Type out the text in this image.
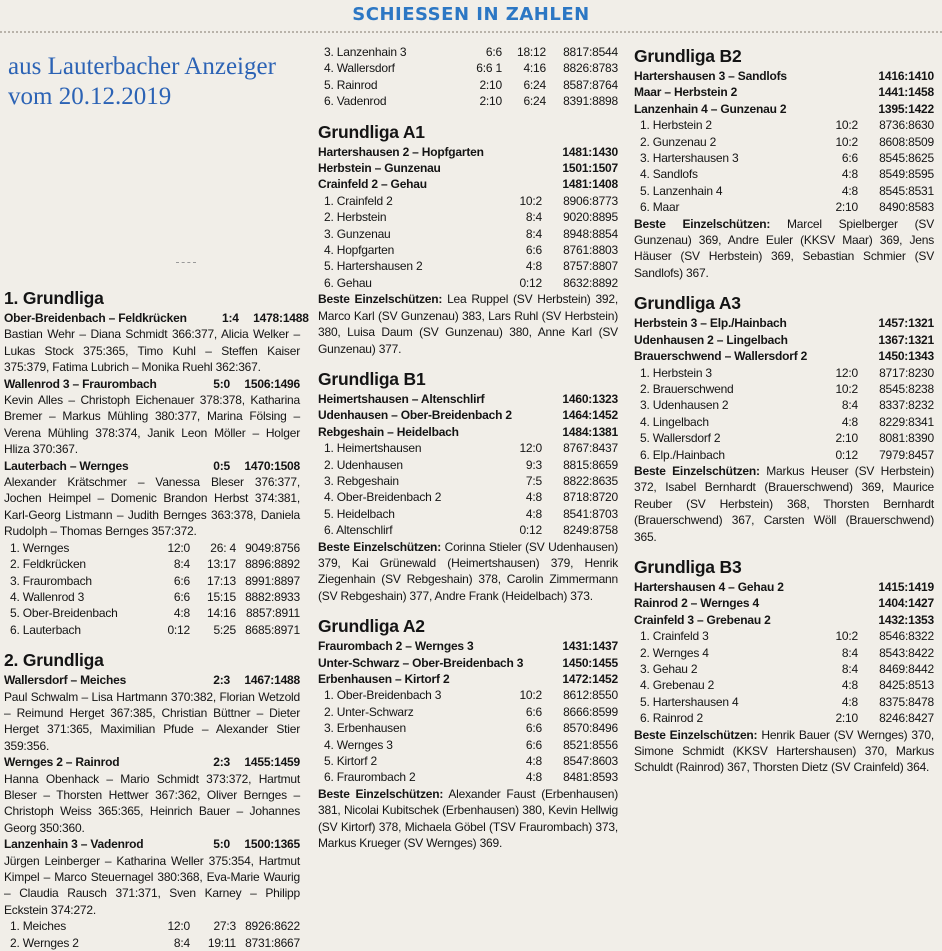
SCHIESSEN IN ZAHLEN
aus Lauterbacher Anzeiger
vom 20.12.2019
1. Grundliga
Ober-Breidenbach – Feldkrücken	1:4	1478:1488
Bastian Wehr – Diana Schmidt 366:377, Alicia Welker – Lukas Stock 375:365, Timo Kuhl – Steffen Kaiser 375:379, Fatima Lubrich – Monika Ruehl 362:367.
Wallenrod 3 – Fraurombach	5:0	1506:1496
Kevin Alles – Christoph Eichenauer 378:378, Katharina Bremer – Markus Mühling 380:377, Marina Fölsing – Verena Mühling 378:374, Janik Leon Möller – Holger Hliza 370:367.
Lauterbach – Wernges	0:5	1470:1508
Alexander Krätschmer – Vanessa Bleser 376:377, Jochen Heimpel – Domenic Brandon Herbst 374:381, Karl-Georg Listmann – Judith Bernges 363:378, Daniela Rudolph – Thomas Bernges 357:372.
1. Wernges	12:0	26: 4 9049:8756
2. Feldkrücken	8:4	13:17 8896:8892
3. Fraurombach	6:6	17:13 8991:8897
4. Wallenrod 3	6:6	15:15 8882:8933
5. Ober-Breidenbach	4:8	14:16 8857:8911
6. Lauterbach	0:12	5:25 8685:8971
2. Grundliga
Wallersdorf – Meiches	2:3	1467:1488
Paul Schwalm – Lisa Hartmann 370:382, Florian Wetzold – Reimund Herget 367:385, Christian Büttner – Dieter Herget 371:365, Maximilian Pfude – Alexander Stier 359:356.
Wernges 2 – Rainrod	2:3	1455:1459
Hanna Obenhack – Mario Schmidt 373:372, Hartmut Bleser – Thorsten Hettwer 367:362, Oliver Bernges – Christoph Weiss 365:365, Heinrich Bauer – Johannes Georg 350:360.
Lanzenhain 3 – Vadenrod	5:0	1500:1365
Jürgen Leinberger – Katharina Weller 375:354, Hartmut Kimpel – Marco Steuernagel 380:368, Eva-Marie Waurig – Claudia Rausch 371:371, Sven Karney – Philipp Eckstein 374:272.
1. Meiches	12:0	27:3 8926:8622
2. Wernges 2	8:4	19:11 8731:8667
3. Lanzenhain 3	6:6	18:12	8817:8544
4. Wallersdorf	6:6 1	4:16	8826:8783
5. Rainrod	2:10	6:24	8587:8764
6. Vadenrod	2:10	6:24	8391:8898
Grundliga A1
Hartershausen 2 – Hopfgarten	1481:1430
Herbstein – Gunzenau	1501:1507
Crainfeld 2 – Gehau	1481:1408
1. Crainfeld 2	10:2	8906:8773
2. Herbstein	8:4	9020:8895
3. Gunzenau	8:4	8948:8854
4. Hopfgarten	6:6	8761:8803
5. Hartershausen 2	4:8	8757:8807
6. Gehau	0:12	8632:8892
Beste Einzelschützen: Lea Ruppel (SV Herbstein) 392, Marco Karl (SV Gunzenau) 383, Lars Ruhl (SV Herbstein) 380, Luisa Daum (SV Gunzenau) 380, Anne Karl (SV Gunzenau) 377.
Grundliga B1
Heimertshausen – Altenschlirf	1460:1323
Udenhausen – Ober-Breidenbach 2	1464:1452
Rebgeshain – Heidelbach	1484:1381
1. Heimertshausen	12:0	8767:8437
2. Udenhausen	9:3	8815:8659
3. Rebgeshain	7:5	8822:8635
4. Ober-Breidenbach 2	4:8	8718:8720
5. Heidelbach	4:8	8541:8703
6. Altenschlirf	0:12	8249:8758
Beste Einzelschützen: Corinna Stieler (SV Udenhausen) 379, Kai Grünewald (Heimertshausen) 379, Henrik Ziegenhain (SV Rebgeshain) 378, Carolin Zimmermann (SV Rebgeshain) 377, Andre Frank (Heidelbach) 373.
Grundliga A2
Fraurombach 2 – Wernges 3	1431:1437
Unter-Schwarz – Ober-Breidenbach 3	1450:1455
Erbenhausen – Kirtorf 2	1472:1452
1. Ober-Breidenbach 3	10:2	8612:8550
2. Unter-Schwarz	6:6	8666:8599
3. Erbenhausen	6:6	8570:8496
4. Wernges 3	6:6	8521:8556
5. Kirtorf 2	4:8	8547:8603
6. Fraurombach 2	4:8	8481:8593
Beste Einzelschützen: Alexander Faust (Erbenhausen) 381, Nicolai Kubitschek (Erbenhausen) 380, Kevin Hellwig (SV Kirtorf) 378, Michaela Göbel (TSV Fraurombach) 373, Markus Krueger (SV Wernges) 369.
Grundliga B2
Hartershausen 3 – Sandlofs	1416:1410
Maar – Herbstein 2	1441:1458
Lanzenhain 4 – Gunzenau 2	1395:1422
1. Herbstein 2	10:2	8736:8630
2. Gunzenau 2	10:2	8608:8509
3. Hartershausen 3	6:6	8545:8625
4. Sandlofs	4:8	8549:8595
5. Lanzenhain 4	4:8	8545:8531
6. Maar	2:10	8490:8583
Beste Einzelschützen: Marcel Spielberger (SV Gunzenau) 369, Andre Euler (KKSV Maar) 369, Jens Häuser (SV Herbstein) 369, Sebastian Schmier (SV Sandlofs) 367.
Grundliga A3
Herbstein 3 – Elp./Hainbach	1457:1321
Udenhausen 2 – Lingelbach	1367:1321
Brauerschwend – Wallersdorf 2	1450:1343
1. Herbstein 3	12:0	8717:8230
2. Brauerschwend	10:2	8545:8238
3. Udenhausen 2	8:4	8337:8232
4. Lingelbach	4:8	8229:8341
5. Wallersdorf 2	2:10	8081:8390
6. Elp./Hainbach	0:12	7979:8457
Beste Einzelschützen: Markus Heuser (SV Herbstein) 372, Isabel Bernhardt (Brauerschwend) 369, Maurice Reuber (SV Herbstein) 368, Thorsten Bernhardt (Brauerschwend) 367, Carsten Wöll (Brauerschwend) 365.
Grundliga B3
Hartershausen 4 – Gehau 2	1415:1419
Rainrod 2 – Wernges 4	1404:1427
Crainfeld 3 – Grebenau 2	1432:1353
1. Crainfeld 3	10:2	8546:8322
2. Wernges 4	8:4	8543:8422
3. Gehau 2	8:4	8469:8442
4. Grebenau 2	4:8	8425:8513
5. Hartershausen 4	4:8	8375:8478
6. Rainrod 2	2:10	8246:8427
Beste Einzelschützen: Henrik Bauer (SV Wernges) 370, Simone Schmidt (KKSV Hartershausen) 370, Markus Schuldt (Rainrod) 367, Thorsten Dietz (SV Crainfeld) 364.
